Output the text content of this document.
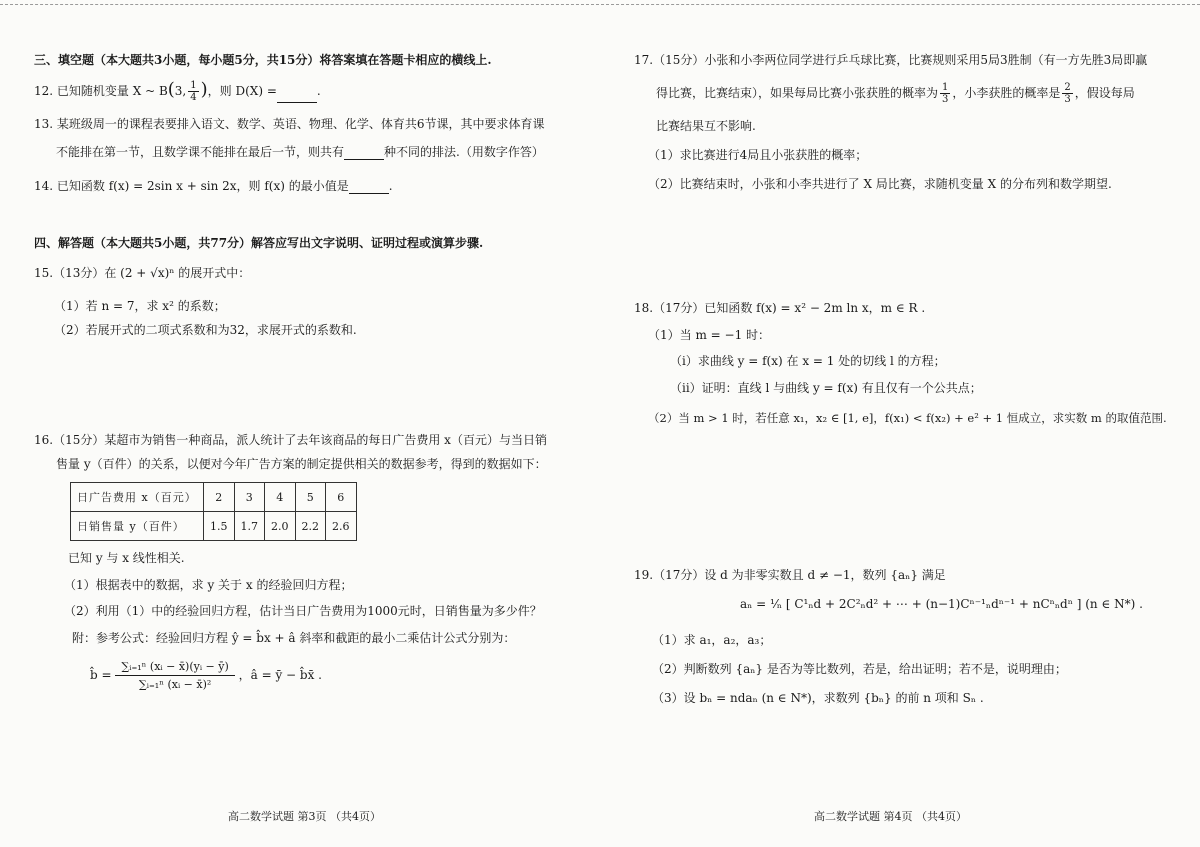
三、填空题（本大题共3小题，每小题5分，共15分）将答案填在答题卡相应的横线上.
12. 已知随机变量 X ~ B(3, $\frac{1}{4}$ )，则 D(X) =	.
13. 某班级周一的课程表要排入语文、数学、英语、物理、化学、体育共6节课，其中要求体育课
不能排在第一节，且数学课不能排在最后一节，则共有	种不同的排法.（用数字作答）
14. 已知函数 f(x) = 2sin x + sin 2x，则 f(x) 的最小值是	.
四、解答题（本大题共5小题，共77分）解答应写出文字说明、证明过程或演算步骤.
15.（13分）在 (2 + √x)ⁿ 的展开式中：
（1）若 n = 7，求 x² 的系数；
（2）若展开式的二项式系数和为32，求展开式的系数和.
16.（15分）某超市为销售一种商品，派人统计了去年该商品的每日广告费用 x（百元）与当日销
售量 y（百件）的关系，以便对今年广告方案的制定提供相关的数据参考，得到的数据如下：
日广告费用 x（百元）	2	3	4	5	6
日销售量 y（百件）	1.5	1.7	2.0	2.2	2.6
已知 y 与 x 线性相关.
（1）根据表中的数据，求 y 关于 x 的经验回归方程；
（2）利用（1）中的经验回归方程，估计当日广告费用为1000元时，日销售量为多少件？
附：参考公式：经验回归方程 ŷ = b̂x + â 斜率和截距的最小二乘估计公式分别为：
b̂ = $\frac{\text{∑ᵢ₌₁ⁿ (xᵢ − x̄)(yᵢ − ȳ)}}{\text{∑ᵢ₌₁ⁿ (xᵢ − x̄)²}}$ ，â = ȳ − b̂x̄ .
高二数学试题 第3页 （共4页）
17.（15分）小张和小李两位同学进行乒乓球比赛，比赛规则采用5局3胜制（有一方先胜3局即赢
得比赛，比赛结束），如果每局比赛小张获胜的概率为 $\frac{1}{3}$ ，小李获胜的概率是 $\frac{2}{3}$ ，假设每局
比赛结果互不影响.
（1）求比赛进行4局且小张获胜的概率；
（2）比赛结束时，小张和小李共进行了 X 局比赛，求随机变量 X 的分布列和数学期望.
18.（17分）已知函数 f(x) = x² − 2m ln x，m ∈ R .
（1）当 m = −1 时：
（i）求曲线 y = f(x) 在 x = 1 处的切线 l 的方程；
（ii）证明：直线 l 与曲线 y = f(x) 有且仅有一个公共点；
（2）当 m > 1 时，若任意 x₁，x₂ ∈ [1, e]，f(x₁) < f(x₂) + e² + 1 恒成立，求实数 m 的取值范围.
19.（17分）设 d 为非零实数且 d ≠ −1，数列 {aₙ} 满足
aₙ = ¹⁄ₙ [ C¹ₙd + 2C²ₙd² + ⋯ + (n−1)Cⁿ⁻¹ₙdⁿ⁻¹ + nCⁿₙdⁿ ] (n ∈ N*) .
（1）求 a₁，a₂，a₃；
（2）判断数列 {aₙ} 是否为等比数列，若是，给出证明；若不是，说明理由；
（3）设 bₙ = ndaₙ (n ∈ N*)，求数列 {bₙ} 的前 n 项和 Sₙ .
高二数学试题 第4页 （共4页）
